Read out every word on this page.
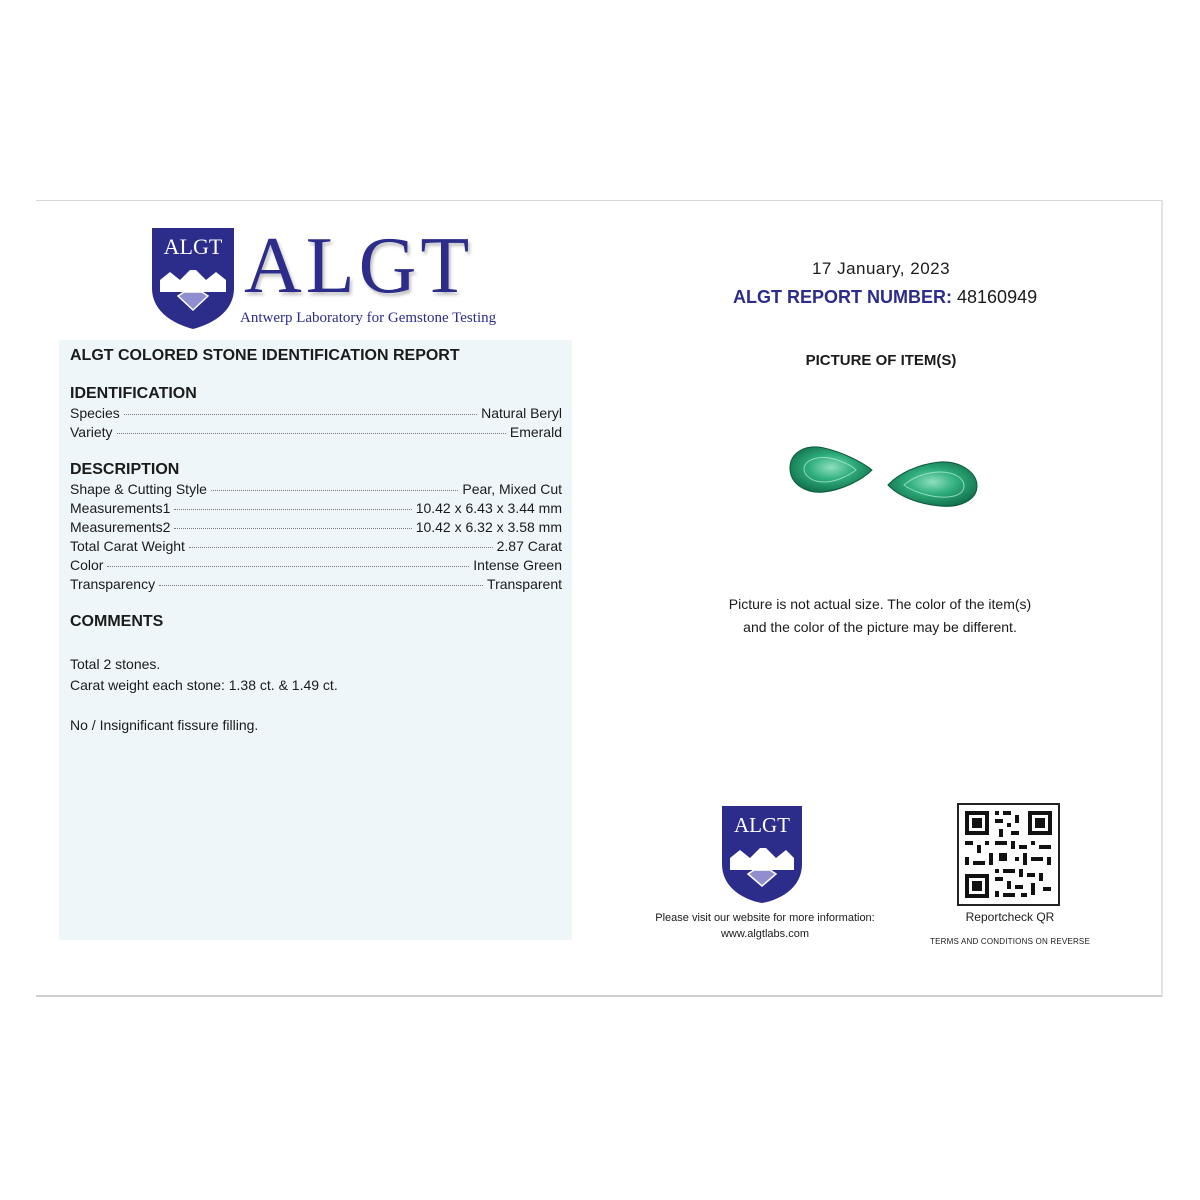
ALGT ALGT
Antwerp Laboratory for Gemstone Testing
ALGT COLORED STONE IDENTIFICATION REPORT
IDENTIFICATION
Species	Natural Beryl
Variety	Emerald
DESCRIPTION
Shape & Cutting Style	Pear, Mixed Cut
Measurements1	10.42 x 6.43 x 3.44 mm
Measurements2	10.42 x 6.32 x 3.58 mm
Total Carat Weight	2.87 Carat
Color	Intense Green
Transparency	Transparent
COMMENTS
Total 2 stones.
Carat weight each stone: 1.38 ct. & 1.49 ct.
No / Insignificant fissure filling.
17 January, 2023
ALGT REPORT NUMBER: 48160949
PICTURE OF ITEM(S)
Picture is not actual size. The color of the item(s)
and the color of the picture may be different.
ALGT
Please visit our website for more information:
www.algtlabs.com
Reportcheck QR
TERMS AND CONDITIONS ON REVERSE
